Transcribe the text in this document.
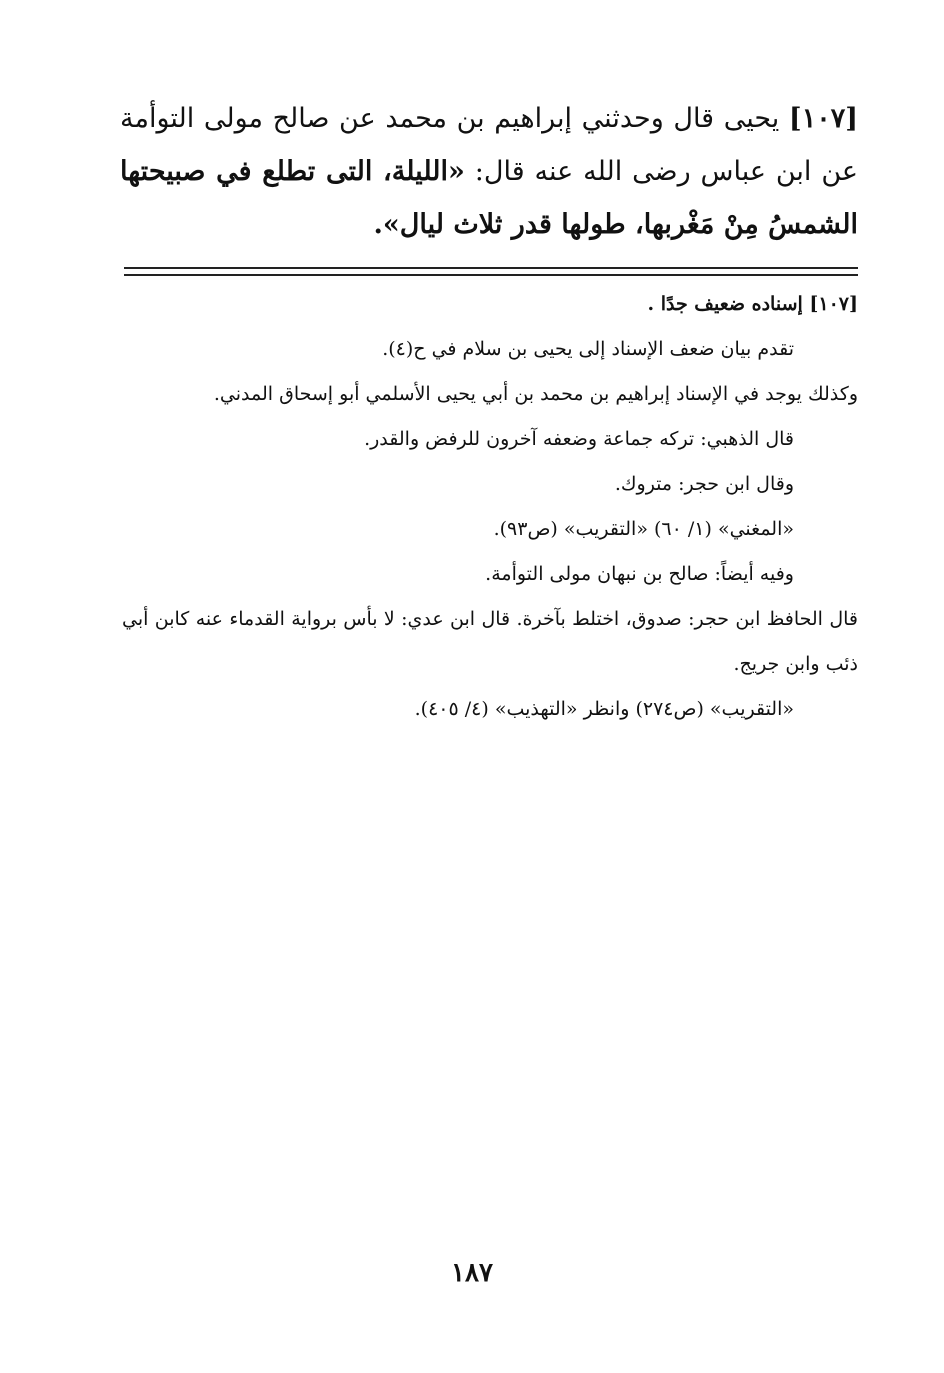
[١٠٧] يحيى قال وحدثني إبراهيم بن محمد عن صالح مولى التوأمة عن ابن عباس رضى الله عنه قال: «الليلة، التى تطلع في صبيحتها الشمسُ مِنْ مَغْربها، طولها قدر ثلاث ليال».

[١٠٧] إسناده ضعيف جدًا .

تقدم بيان ضعف الإسناد إلى يحيى بن سلام في ح(٤).

وكذلك يوجد في الإسناد إبراهيم بن محمد بن أبي يحيى الأسلمي أبو إسحاق المدني.

قال الذهبي: تركه جماعة وضعفه آخرون للرفض والقدر.

وقال ابن حجر: متروك.

«المغني» (١/ ٦٠) «التقريب» (ص٩٣).

وفيه أيضاً: صالح بن نبهان مولى التوأمة.

قال الحافظ ابن حجر: صدوق، اختلط بآخرة. قال ابن عدي: لا بأس برواية القدماء عنه كابن أبي ذئب وابن جريج.

«التقريب» (ص٢٧٤) وانظر «التهذيب» (٤/ ٤٠٥).

١٨٧
